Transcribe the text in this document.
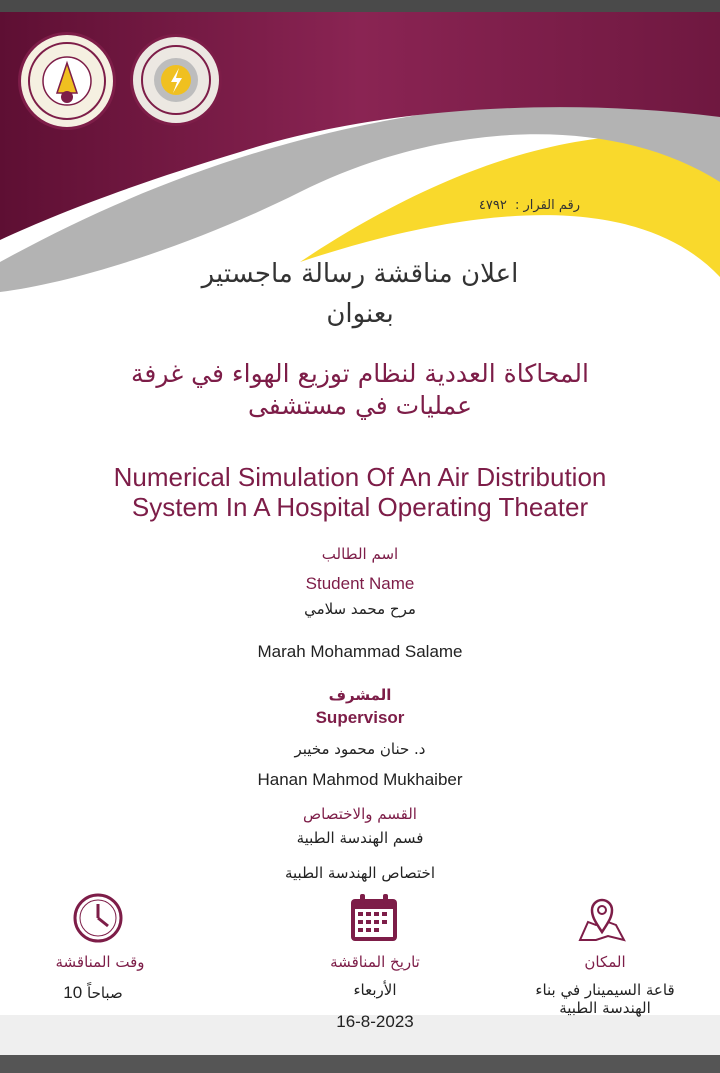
رقم القرار : ٤٧٩٢
اعلان مناقشة رسالة ماجستير
بعنوان
المحاكاة العددية لنظام توزيع الهواء في غرفة
عمليات في مستشفى
Numerical Simulation Of An Air Distribution
System In A Hospital Operating Theater
اسم الطالب
Student Name
مرح محمد سلامي
Marah Mohammad Salame
المشرف
Supervisor
د. حنان محمود مخيبر
Hanan Mahmod Mukhaiber
القسم والاختصاص
فسم الهندسة الطبية
اختصاص الهندسة الطبية
وقت المناقشة
صباحاً 10
تاريخ المناقشة
الأربعاء
16-8-2023
المكان
قاعة السيمينار في بناء
الهندسة الطبية
